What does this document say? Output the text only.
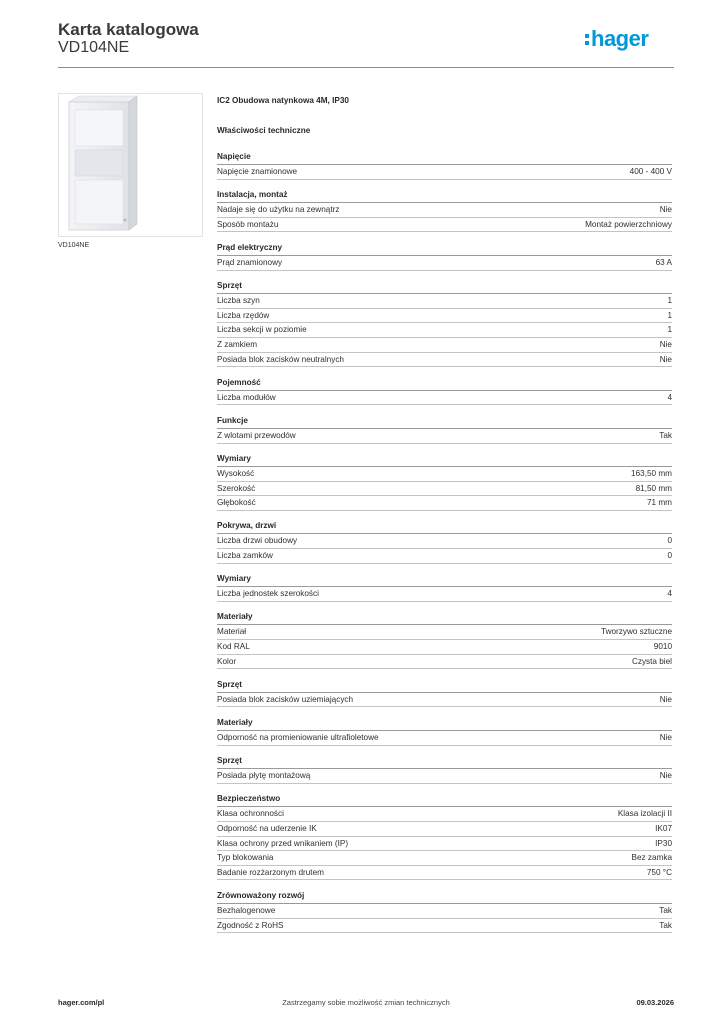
Karta katalogowa
VD104NE	hager
VD104NE
IC2 Obudowa natynkowa 4M, IP30
Właściwości techniczne
Napięcie
Napięcie znamionowe	400 - 400 V
Instalacja, montaż
Nadaje się do użytku na zewnątrz	Nie
Sposób montażu	Montaż powierzchniowy
Prąd elektryczny
Prąd znamionowy	63 A
Sprzęt
Liczba szyn	1
Liczba rzędów	1
Liczba sekcji w poziomie	1
Z zamkiem	Nie
Posiada blok zacisków neutralnych	Nie
Pojemność
Liczba modułów	4
Funkcje
Z wlotami przewodów	Tak
Wymiary
Wysokość	163,50 mm
Szerokość	81,50 mm
Głębokość	71 mm
Pokrywa, drzwi
Liczba drzwi obudowy	0
Liczba zamków	0
Wymiary
Liczba jednostek szerokości	4
Materiały
Materiał	Tworzywo sztuczne
Kod RAL	9010
Kolor	Czysta biel
Sprzęt
Posiada blok zacisków uziemiających	Nie
Materiały
Odporność na promieniowanie ultrafioletowe	Nie
Sprzęt
Posiada płytę montażową	Nie
Bezpieczeństwo
Klasa ochronności	Klasa izolacji II
Odporność na uderzenie IK	IK07
Klasa ochrony przed wnikaniem (IP)	IP30
Typ blokowania	Bez zamka
Badanie rozżarzonym drutem	750 °C
Zrównoważony rozwój
Bezhalogenowe	Tak
Zgodność z RoHS	Tak
hager.com/pl	Zastrzegamy sobie możliwość zmian technicznych	09.03.2026
